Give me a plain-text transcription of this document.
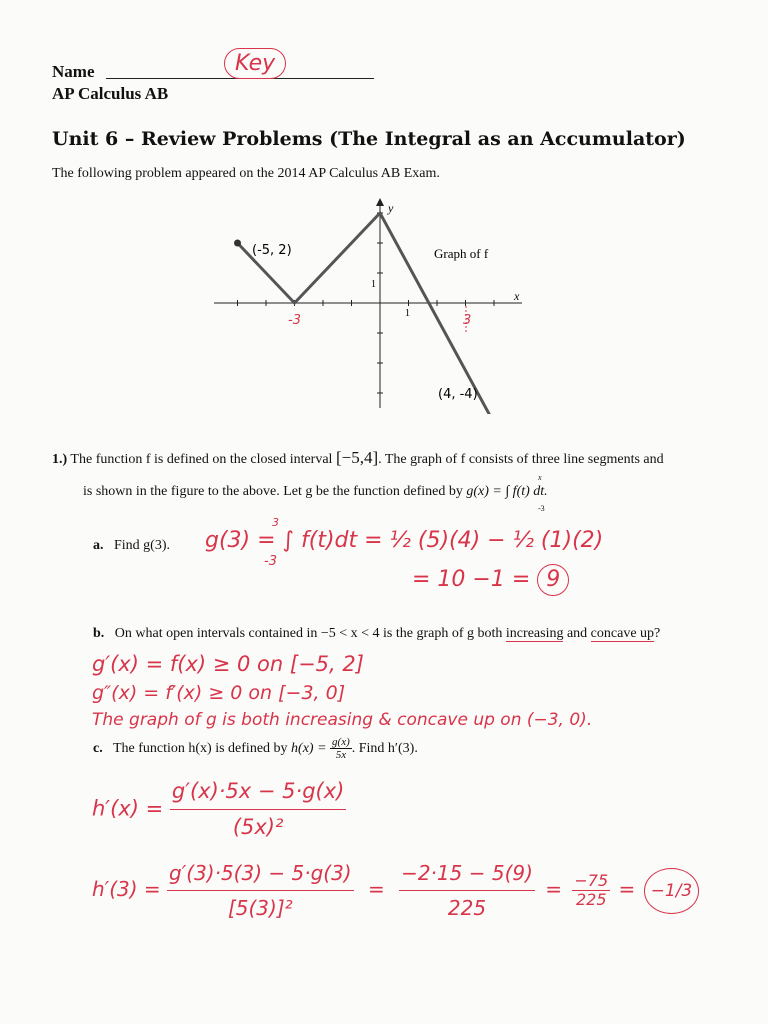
Name	Key
AP Calculus AB
Unit 6 – Review Problems (The Integral as an Accumulator)
The following problem appeared on the 2014 AP Calculus AB Exam.
y
x
1
1
(-5, 2)
(4, -4)
-3	3
Graph of f
1.) The function f is defined on the closed interval [−5,4]. The graph of f consists of three line segments and
is shown in the figure to the above. Let g be the function defined by g(x) = ∫ f(t) dt.
x
-3
a. Find g(3). g(3) = ∫ f(t)dt = ½ (5)(4) − ½ (1)(2)
3
-3
= 10 −1 = 9
b. On what open intervals contained in −5 < x < 4 is the graph of g both increasing and concave up?
g′(x) = f(x) ≥ 0 on [−5, 2]
g″(x) = f′(x) ≥ 0 on [−3, 0]
The graph of g is both increasing & concave up on (−3, 0).
c. The function h(x) is defined by $h(x) = \frac{g(x)}{5x}$ . Find h′(3).
$h'(x) = \frac{g'(x)\cdot 5x - 5\cdot g(x)}{\text{(5x)²}}$
$h'(3) = \frac{g'(3)\cdot 5(3) - 5\cdot g(3)}{\text{[5(3)]²}} = \frac{-2\cdot 15 - 5(9)}{225} = \frac{-75}{225} = -1/3$
